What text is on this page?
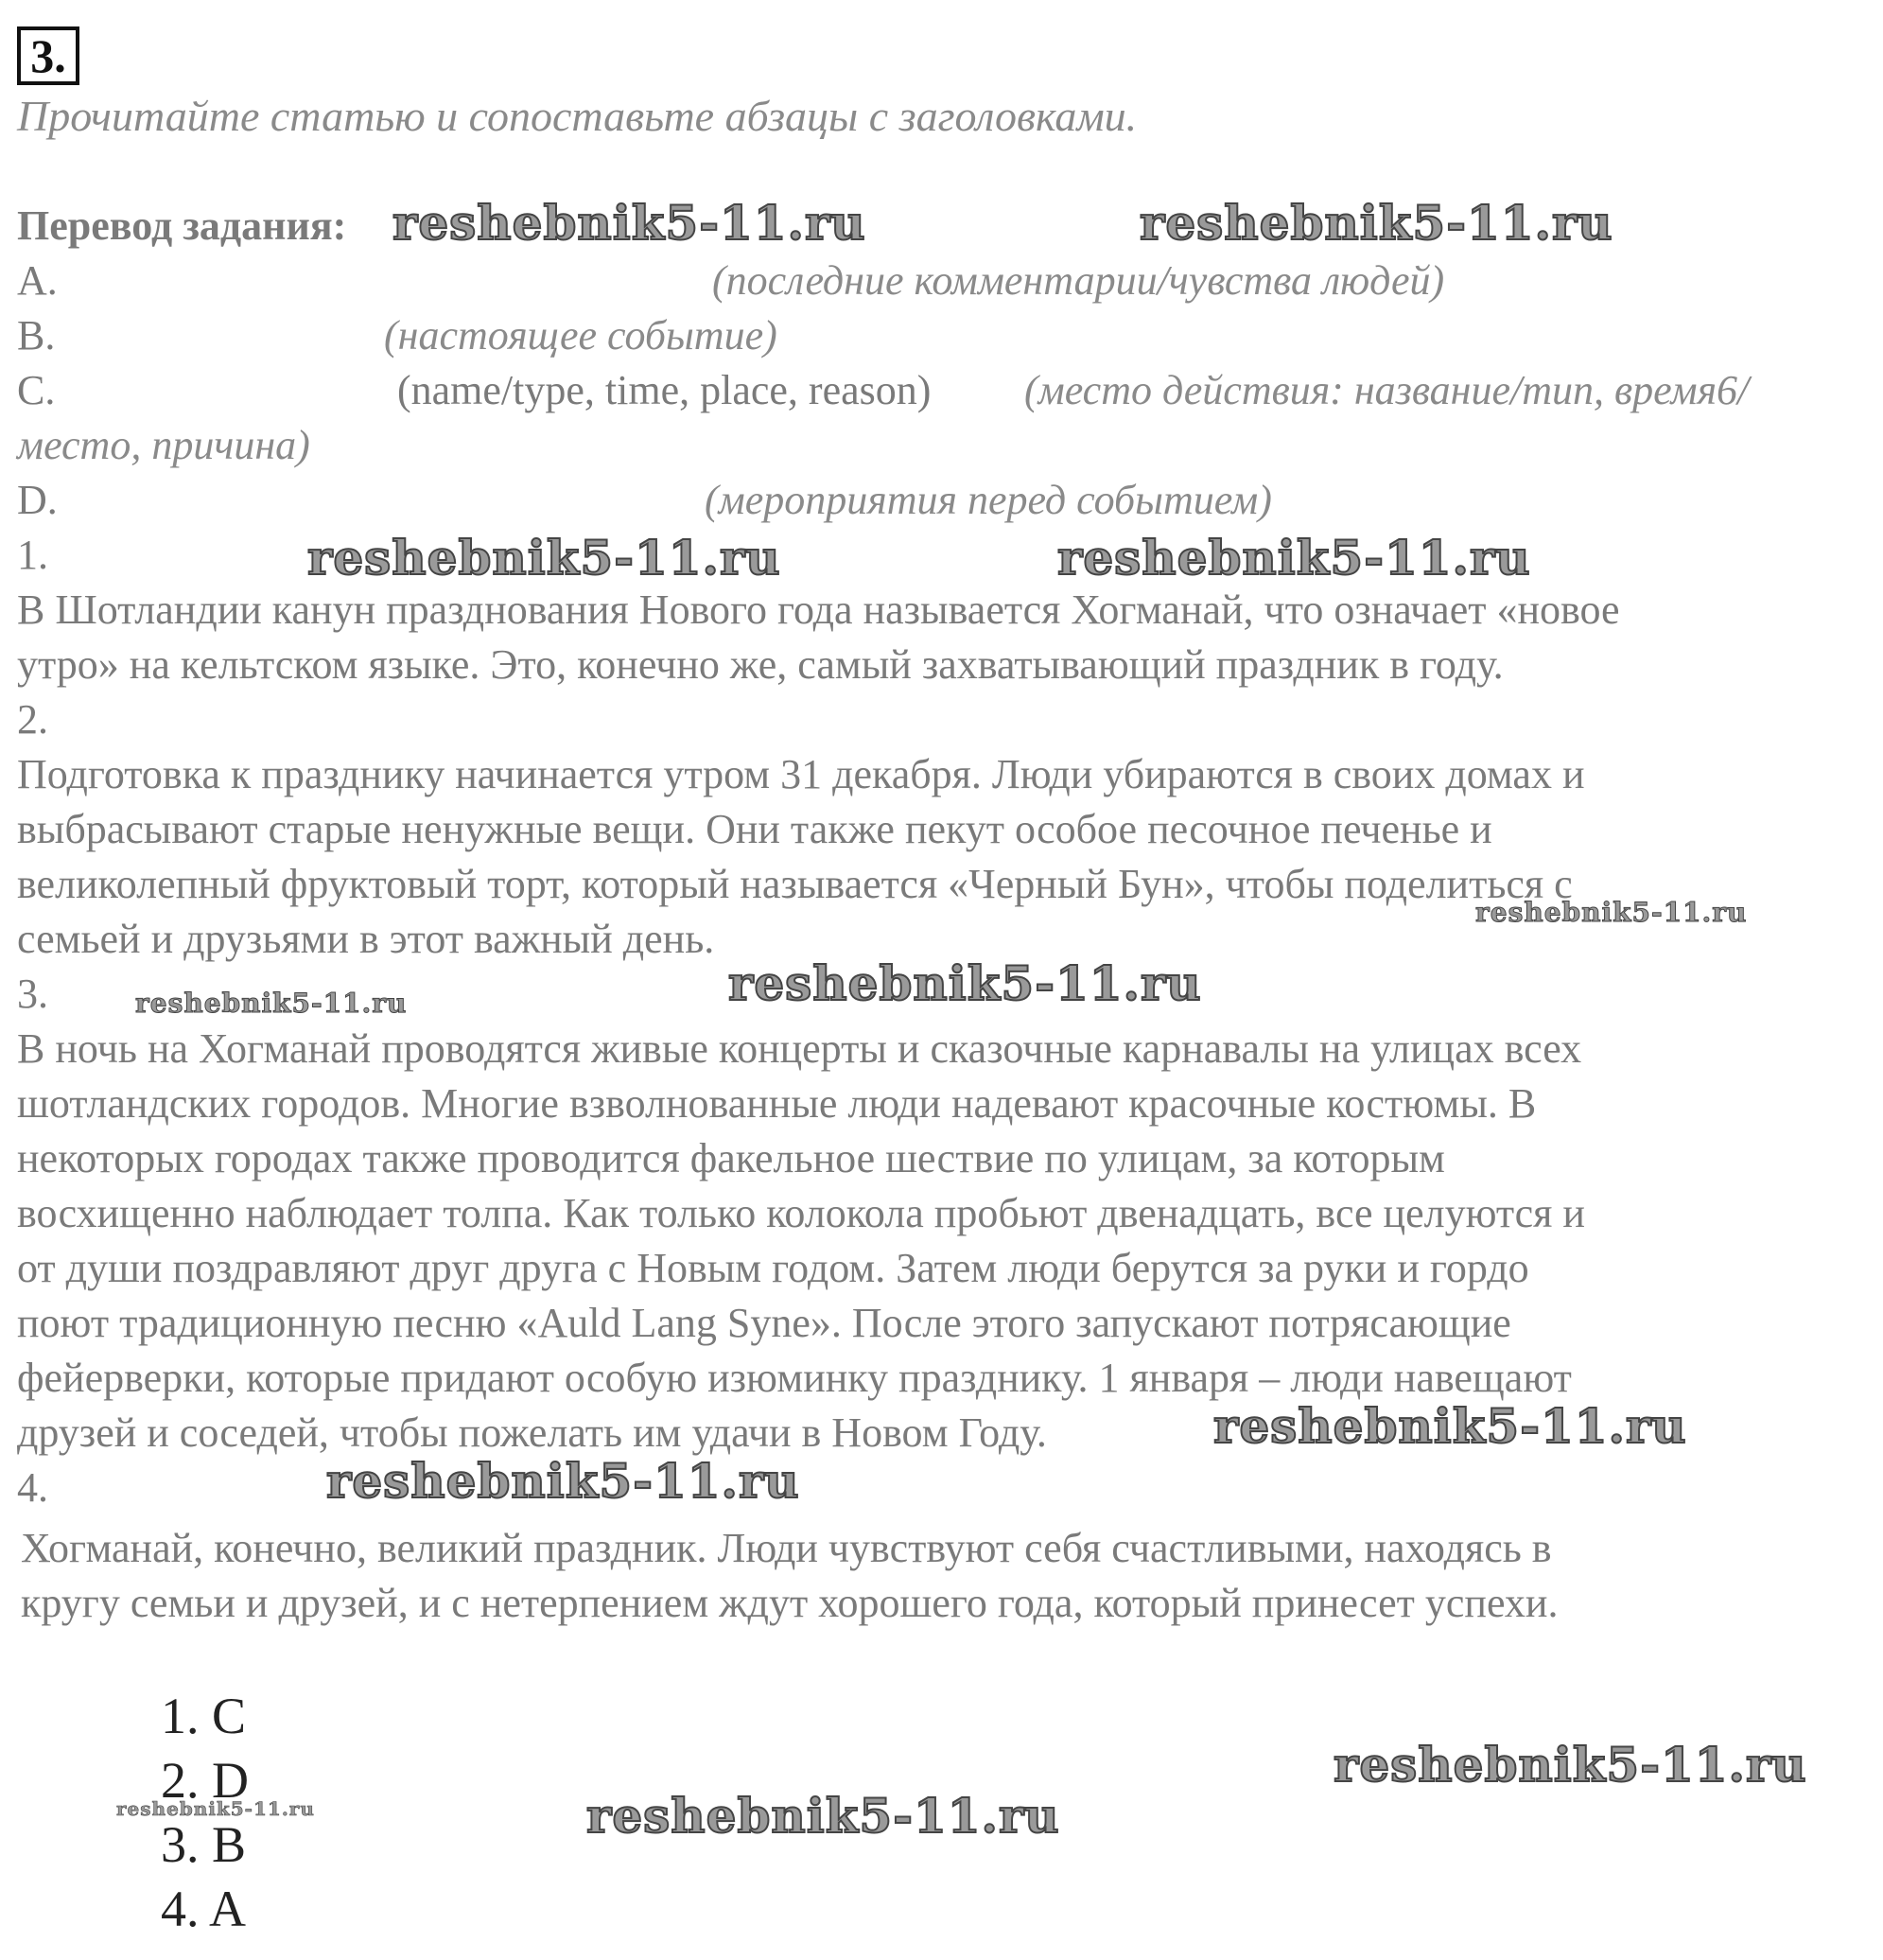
3.
Прочитайте статью и сопоставьте абзацы с заголовками.
Перевод задания:
A.	(последние комментарии/чувства людей)
B.	(настоящее событие)
C.	(name/type, time, place, reason) (место действия: название/тип, время6/
место, причина)
D.	(мероприятия перед событием)
1.
В Шотландии канун празднования Нового года называется Хогманай, что означает «новое
утро» на кельтском языке. Это, конечно же, самый захватывающий праздник в году.
2.
Подготовка к празднику начинается утром 31 декабря. Люди убираются в своих домах и
выбрасывают старые ненужные вещи. Они также пекут особое песочное печенье и
великолепный фруктовый торт, который называется «Черный Бун», чтобы поделиться с
семьей и друзьями в этот важный день.
3.
В ночь на Хогманай проводятся живые концерты и сказочные карнавалы на улицах всех
шотландских городов. Многие взволнованные люди надевают красочные костюмы. В
некоторых городах также проводится факельное шествие по улицам, за которым
восхищенно наблюдает толпа. Как только колокола пробьют двенадцать, все целуются и
от души поздравляют друг друга с Новым годом. Затем люди берутся за руки и гордо
поют традиционную песню «Auld Lang Syne». После этого запускают потрясающие
фейерверки, которые придают особую изюминку празднику. 1 января – люди навещают
друзей и соседей, чтобы пожелать им удачи в Новом Году.
4.
Хогманай, конечно, великий праздник. Люди чувствуют себя счастливыми, находясь в
кругу семьи и друзей, и с нетерпением ждут хорошего года, который принесет успехи.
1. C
2. D
3. B
4. A
reshebnik5-11.ru	reshebnik5-11.ru
reshebnik5-11.ru	reshebnik5-11.ru
reshebnik5-11.ru
reshebnik5-11.ru
reshebnik5-11.ru
reshebnik5-11.ru
reshebnik5-11.ru
reshebnik5-11.ru
reshebnik5-11.ru	reshebnik5-11.ru
